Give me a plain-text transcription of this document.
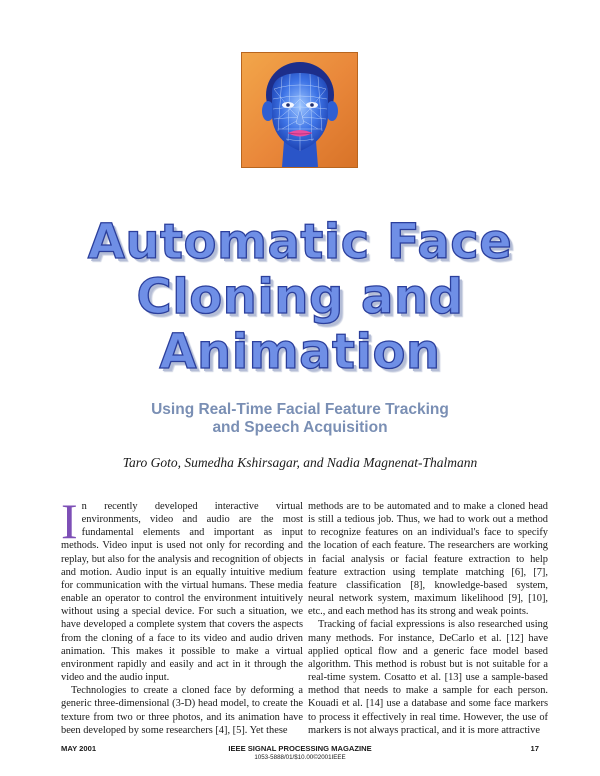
Automatic Face
Cloning and
Animation
Using Real-Time Facial Feature Tracking
and Speech Acquisition
Taro Goto, Sumedha Kshirsagar, and Nadia Magnenat-Thalmann

In recently developed interactive virtual environments, video and audio are the most fundamental elements and important as input methods. Video input is used not only for recording and replay, but also for the analysis and recognition of objects and motion. Audio input is an equally intuitive medium for communication with the virtual humans. These media enable an operator to control the environment intuitively without using a special device. For such a situation, we have developed a complete system that covers the aspects from the cloning of a face to its video and audio driven animation. This makes it possible to make a virtual environment rapidly and easily and act in it through the video and the audio input.

Technologies to create a cloned face by deforming a generic three-dimensional (3-D) head model, to create the texture from two or three photos, and its animation have been developed by some researchers [4], [5]. Yet these

methods are to be automated and to make a cloned head is still a tedious job. Thus, we had to work out a method to recognize features on an individual's face to specify the location of each feature. The researchers are working in facial analysis or facial feature extraction to help feature extraction using template matching [6], [7], feature classification [8], knowledge-based system, neural network system, maximum likelihood [9], [10], etc., and each method has its strong and weak points.

Tracking of facial expressions is also researched using many methods. For instance, DeCarlo et al. [12] have applied optical flow and a generic face model based algorithm. This method is robust but is not suitable for a real-time system. Cosatto et al. [13] use a sample-based method that needs to make a sample for each person. Kouadi et al. [14] use a database and some face markers to process it effectively in real time. However, the use of markers is not always practical, and it is more attractive

MAY 2001	IEEE SIGNAL PROCESSING MAGAZINE	17
1053-5888/01/$10.00©2001IEEE
